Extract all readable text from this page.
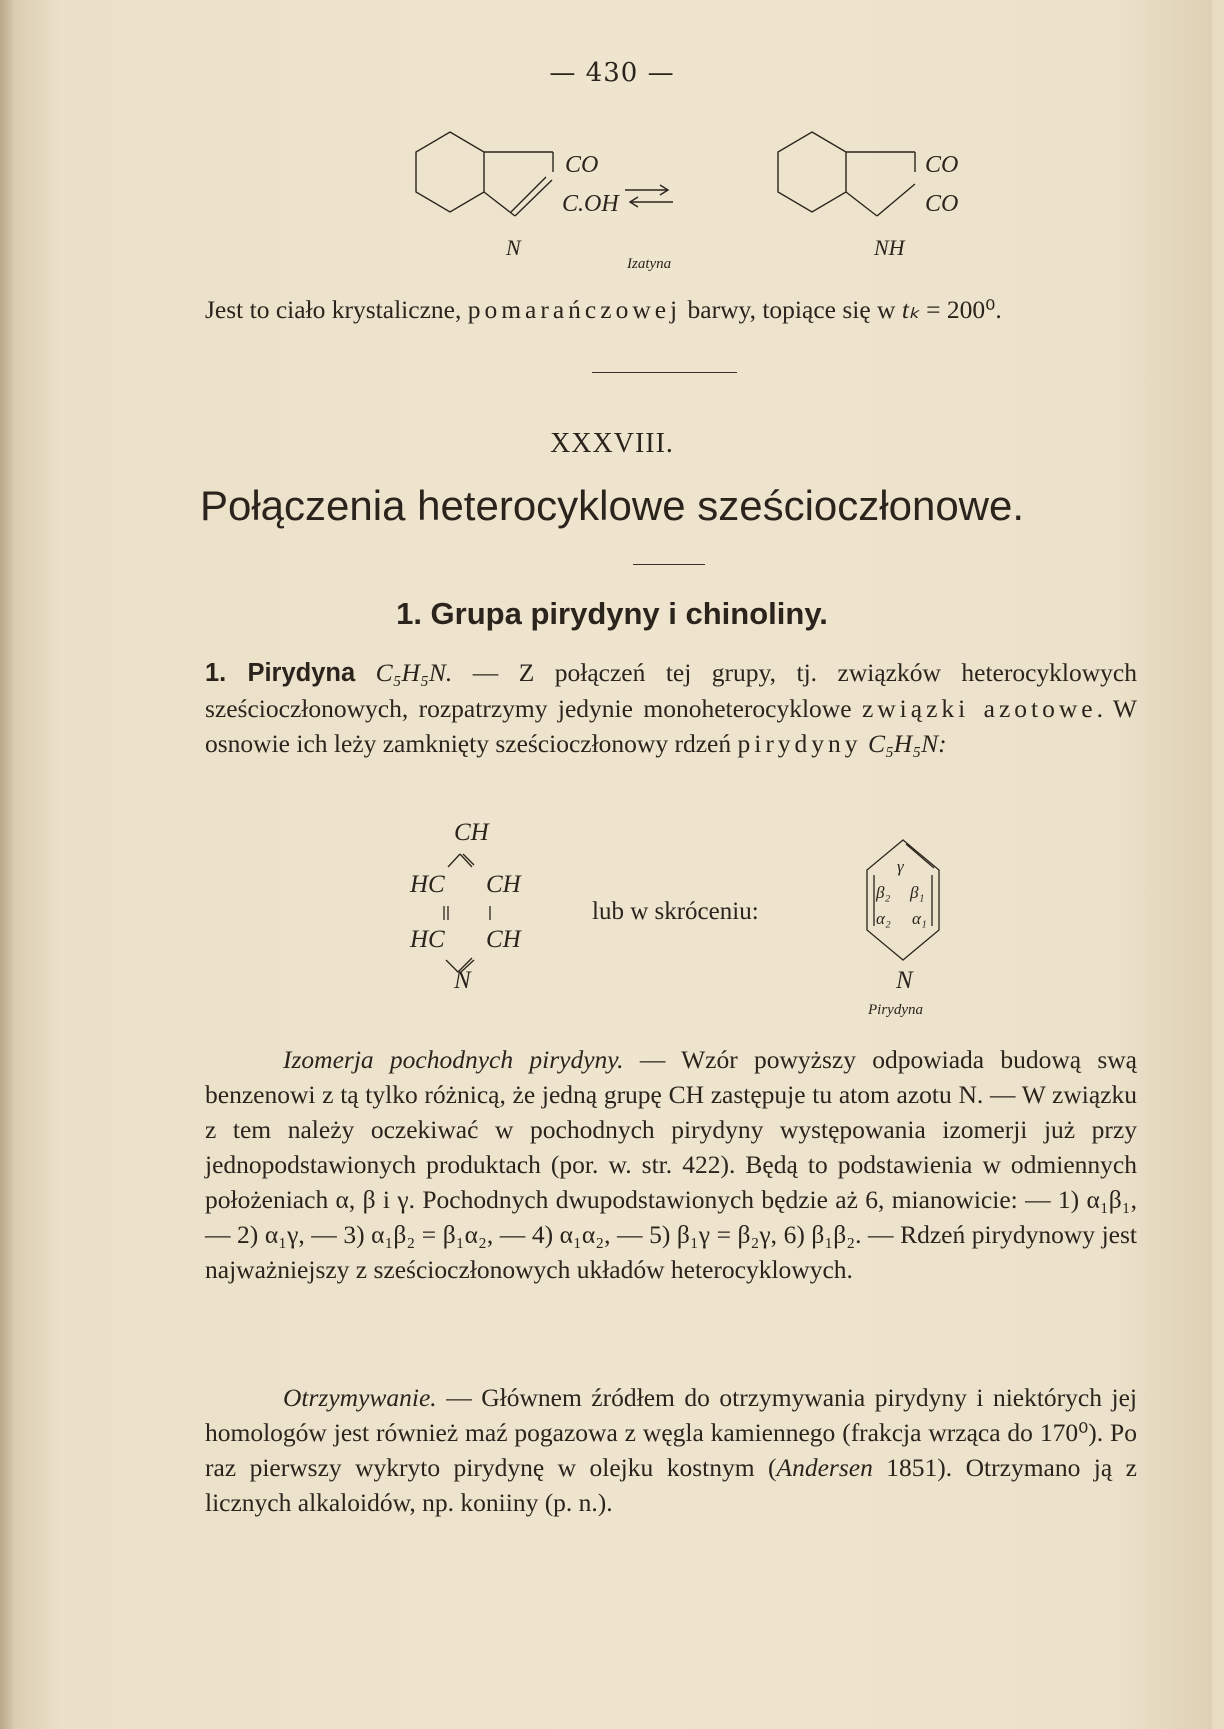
— 430 —
CO
C.OH
N
Izatyna
CO
CO
NH
Jest to ciało krystaliczne, pomarańczowej barwy, topiące się w tₖ = 200⁰.
XXXVIII.
Połączenia heterocyklowe sześcioczłonowe.
1. Grupa pirydyny i chinoliny.
1. Pirydyna C₅H₅N. — Z połączeń tej grupy, tj. związków heterocyklowych sześcioczłonowych, rozpatrzymy jedynie monoheterocyklowe związki azotowe. W osnowie ich leży zamknięty sześcioczłonowy rdzeń pirydyny C₅H₅N:
CH
HC CH
HC CH
N
lub w skróceniu:
γ
β₂ β₁
α₂ α₁
N
Pirydyna
Izomerja pochodnych pirydyny. — Wzór powyższy odpowiada budową swą benzenowi z tą tylko różnicą, że jedną grupę CH zastępuje tu atom azotu N. — W związku z tem należy oczekiwać w pochodnych pirydyny występowania izomerji już przy jednopodstawionych produktach (por. w. str. 422). Będą to podstawienia w odmiennych położeniach α, β i γ. Pochodnych dwupodstawionych będzie aż 6, mianowicie: — 1) α₁β₁, — 2) α₁γ, — 3) α₁β₂ = β₁α₂, — 4) α₁α₂, — 5) β₁γ = β₂γ, 6) β₁β₂. — Rdzeń pirydynowy jest najważniejszy z sześcioczłonowych układów heterocyklowych.
Otrzymywanie. — Głównem źródłem do otrzymywania pirydyny i niektórych jej homologów jest również maź pogazowa z węgla kamiennego (frakcja wrząca do 170⁰). Po raz pierwszy wykryto pirydynę w olejku kostnym (Andersen 1851). Otrzymano ją z licznych alkaloidów, np. koniiny (p. n.).
